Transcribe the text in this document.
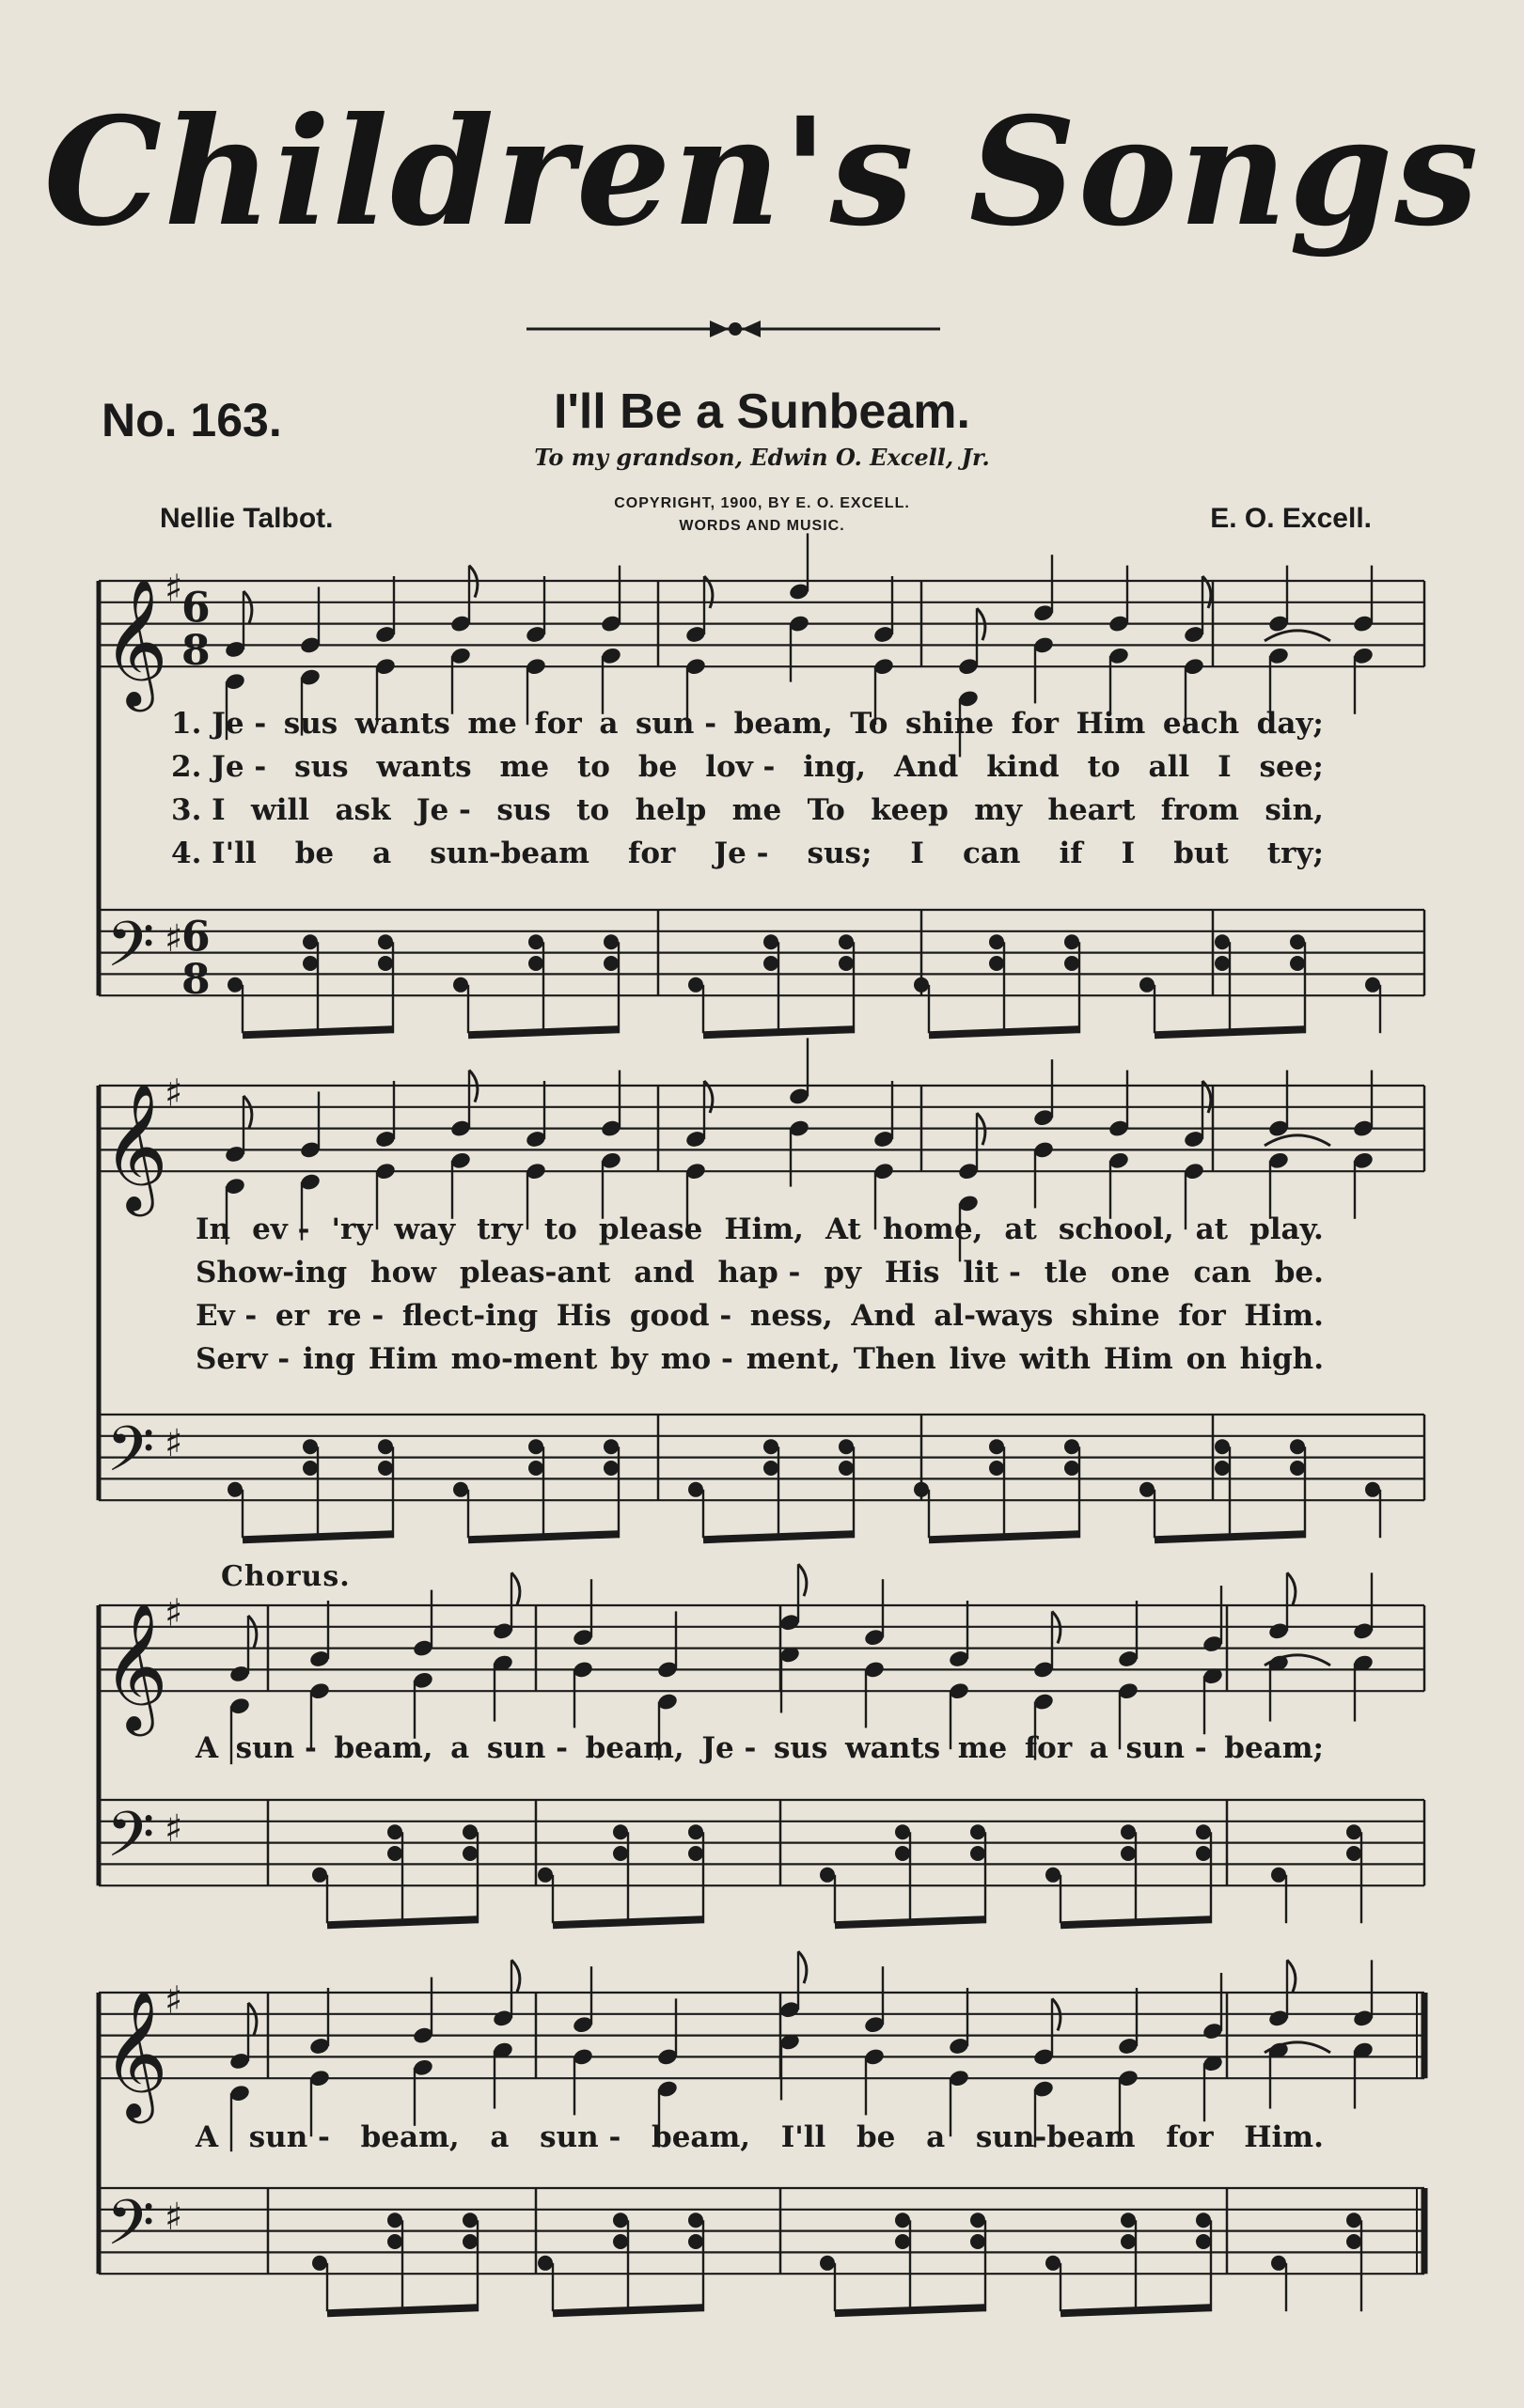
Children's Songs
No. 163.	I'll Be a Sunbeam.
To my grandson, Edwin O. Excell, Jr.
Nellie Talbot.	E. O. Excell.
COPYRIGHT, 1900, BY E. O. EXCELL.
WORDS AND MUSIC.
𝄞
𝄢
♯
♯
6
8
6
8
𝄞
𝄢
♯
♯
𝄞
𝄢
♯
♯
𝄞
𝄢
♯
♯
Chorus.
1. Je - sus wants me for a sun - beam, To shine for Him each day;
2. Je - sus wants me to be lov - ing, And kind to all I see;
3. I will ask Je - sus to help me To keep my heart from sin,
4. I'll be a sun-beam for Je - sus; I can if I but try;
In ev - 'ry way try to please Him, At home, at school, at play.
Show-ing how pleas-ant and hap - py His lit - tle one can be.
Ev - er re - flect-ing His good - ness, And al-ways shine for Him.
Serv - ing Him mo-ment by mo - ment, Then live with Him on high.
A sun - beam, a sun - beam, Je - sus wants me for a sun - beam;
A sun - beam, a sun - beam, I'll be a sun-beam for Him.
